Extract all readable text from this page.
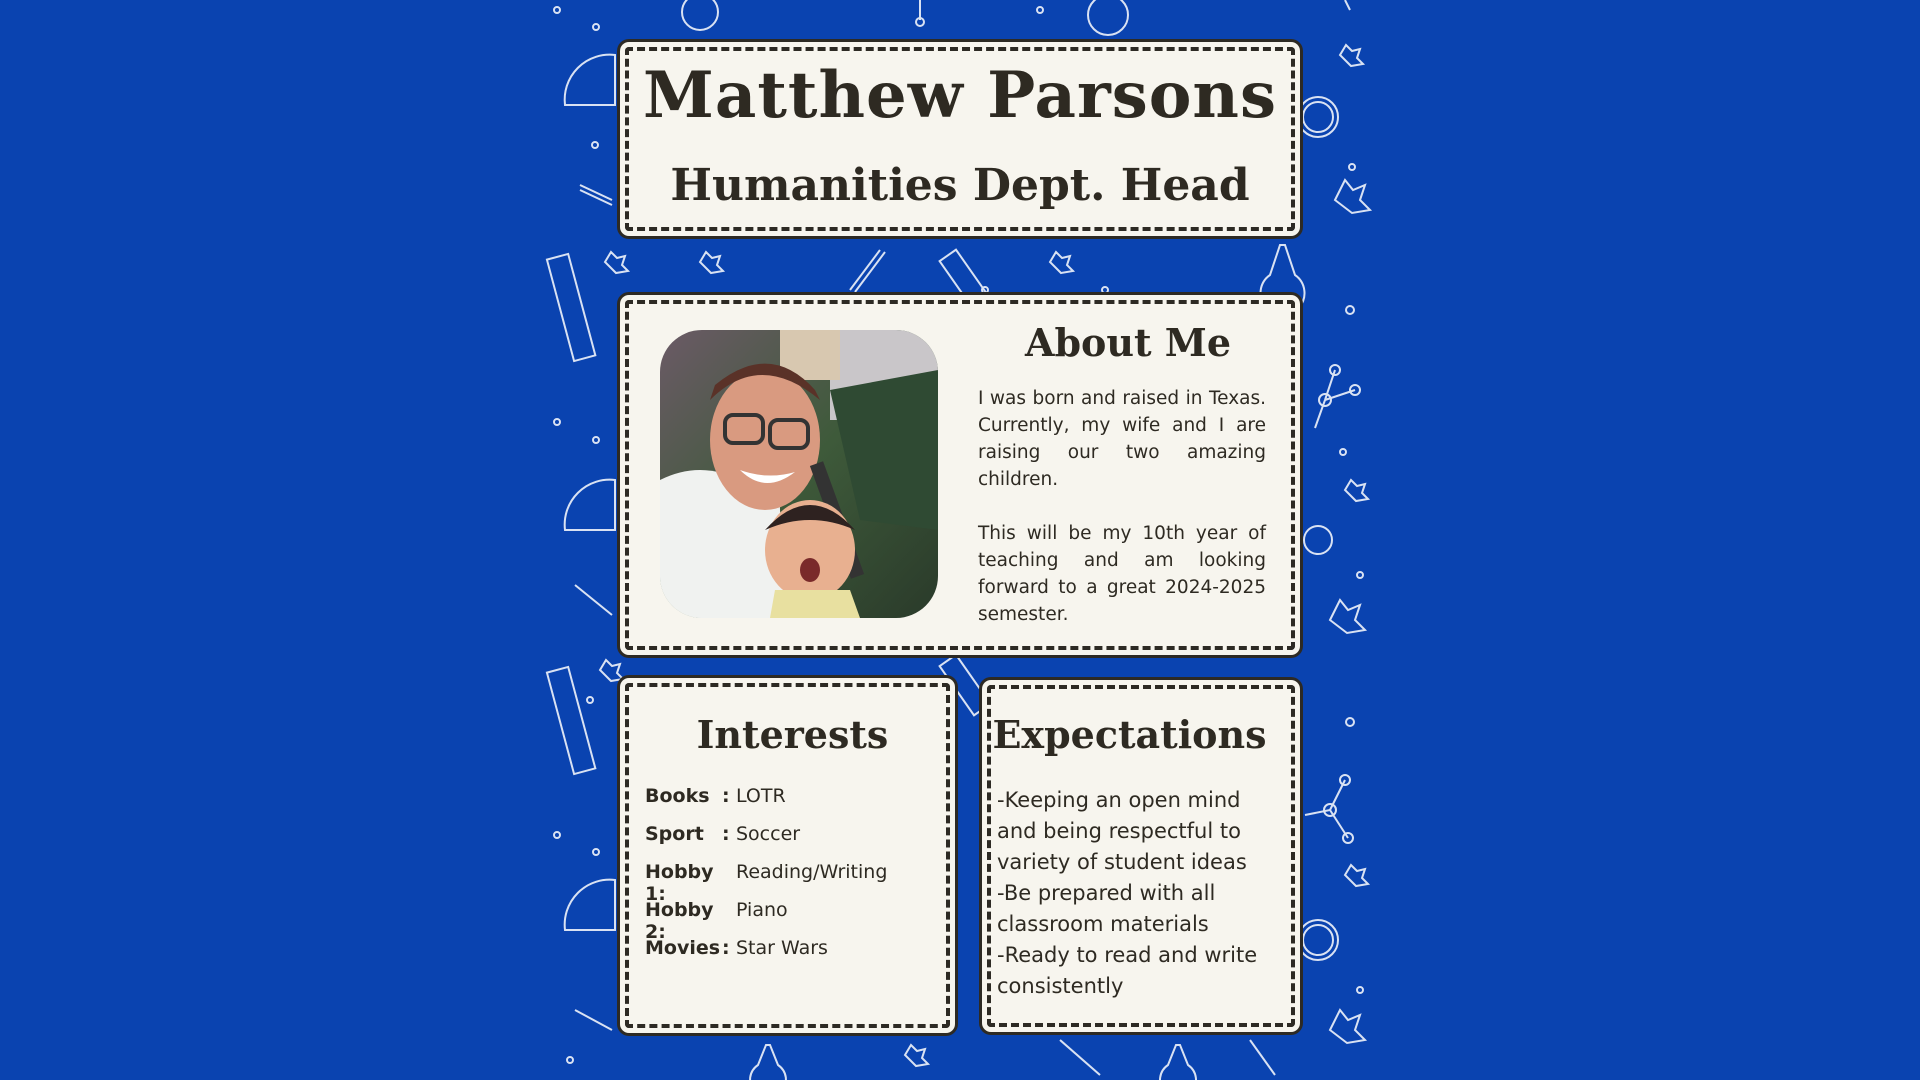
Matthew Parsons
Humanities Dept. Head
About Me

I was born and raised in Texas. Currently, my wife and I are raising our two amazing children.

This will be my 10th year of teaching and am looking forward to a great 2024-2025 semester.

Interests
Books : LOTR
Sport : Soccer
Hobby 1:
Reading/Writing
Hobby 2:
Piano
Movies : Star Wars
Expectations
-Keeping an open mind and being respectful to variety of student ideas
-Be prepared with all classroom materials
-Ready to read and write consistently
